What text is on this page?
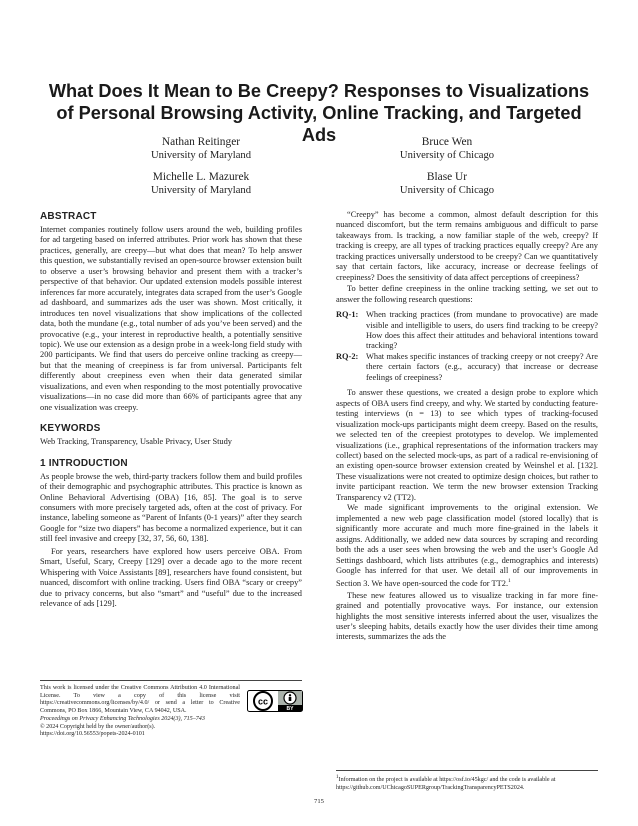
What Does It Mean to Be Creepy? Responses to Visualizations of Personal Browsing Activity, Online Tracking, and Targeted Ads
Nathan Reitinger
University of Maryland
Bruce Wen
University of Chicago
Michelle L. Mazurek
University of Maryland
Blase Ur
University of Chicago
ABSTRACT

Internet companies routinely follow users around the web, building profiles for ad targeting based on inferred attributes. Prior work has shown that these practices, generally, are creepy—but what does that mean? To help answer this question, we substantially revised an open-source browser extension built to observe a user’s browsing behavior and present them with a tracker’s perspective of that behavior. Our updated extension models possible interest inferences far more accurately, integrates data scraped from the user’s Google ad dashboard, and summarizes ads the user was shown. Most critically, it introduces ten novel visualizations that show implications of the collected data, both the mundane (e.g., total number of ads you’ve been served) and the provocative (e.g., your interest in reproductive health, a potentially sensitive topic). We use our extension as a design probe in a week-long field study with 200 participants. We find that users do perceive online tracking as creepy—but that the meaning of creepiness is far from universal. Participants felt differently about creepiness even when their data generated similar visualizations, and even when responding to the most potentially provocative visualizations—in no case did more than 66% of participants agree that any one visualization was creepy.

KEYWORDS

Web Tracking, Transparency, Usable Privacy, User Study

1 INTRODUCTION

As people browse the web, third-party trackers follow them and build profiles of their demographic and psychographic attributes. This practice is known as Online Behavioral Advertising (OBA) [16, 85]. The goal is to serve consumers with more precisely targeted ads, often at the cost of privacy. For instance, labeling someone as “Parent of Infants (0-1 years)” after they search Google for “size two diapers” has become a normalized experience, but it can still feel invasive and creepy [32, 37, 56, 60, 138].

For years, researchers have explored how users perceive OBA. From Smart, Useful, Scary, Creepy [129] over a decade ago to the more recent Whispering with Voice Assistants [89], researchers have found consistent, but nuanced, discomfort with online tracking. Users find OBA “scary or creepy” due to privacy concerns, but also “smart” and “useful” due to the increased relevance of ads [129].

This work is licensed under the Creative Commons Attribution 4.0 International License. To view a copy of this license visit https://creativecommons.org/licenses/by/4.0/ or send a letter to Creative Commons, PO Box 1866, Mountain View, CA 94042, USA.
Proceedings on Privacy Enhancing Technologies 2024(3), 715–743
© 2024 Copyright held by the owner/author(s).
https://doi.org/10.56553/popets-2024-0101
cc
BY

“Creepy” has become a common, almost default description for this nuanced discomfort, but the term remains ambiguous and difficult to parse takeaways from. Is tracking, a now familiar staple of the web, creepy? If tracking is creepy, are all types of tracking practices equally creepy? Are any tracking practices universally understood to be creepy? Can we quantitatively say that certain factors, like accuracy, increase or decrease feelings of creepiness? Does the sensitivity of data affect perceptions of creepiness?

To better define creepiness in the online tracking setting, we set out to answer the following research questions:

RQ-1: When tracking practices (from mundane to provocative) are made visible and intelligible to users, do users find tracking to be creepy? How does this affect their attitudes and behavioral intentions toward tracking?
RQ-2: What makes specific instances of tracking creepy or not creepy? Are there certain factors (e.g., accuracy) that increase or decrease feelings of creepiness?

To answer these questions, we created a design probe to explore which aspects of OBA users find creepy, and why. We started by conducting feature-testing interviews (n = 13) to see which types of tracking-focused visualization mock-ups participants might deem creepy. Based on the results, we selected ten of the creepiest prototypes to develop. We implemented visualizations (i.e., graphical representations of the information trackers may collect) based on the selected mock-ups, as part of a radical re-envisioning of an existing open-source browser extension created by Weinshel et al. [132]. These visualizations were not created to optimize design choices, but rather to invite participant reaction. We term the new browser extension Tracking Transparency v2 (TT2).

We made significant improvements to the original extension. We implemented a new web page classification model (stored locally) that is significantly more accurate and much more fine-grained in the labels it assigns. Additionally, we added new data sources by scraping and recording both the ads a user sees when browsing the web and the user’s Google Ad Settings dashboard, which lists attributes (e.g., demographics and interests) Google has inferred for that user. We detail all of our improvements in Section 3. We have open-sourced the code for TT2.$^1$

These new features allowed us to visualize tracking in far more fine-grained and potentially provocative ways. For instance, our extension highlights the most sensitive interests inferred about the user, visualizes the user’s sleeping habits, details exactly how the user divides their time among interests, summarizes the ads the

$^1$Information on the project is available at https://osf.io/45kgc/ and the code is available at https://github.com/UChicagoSUPERgroup/TrackingTransparencyPETS2024.
715
